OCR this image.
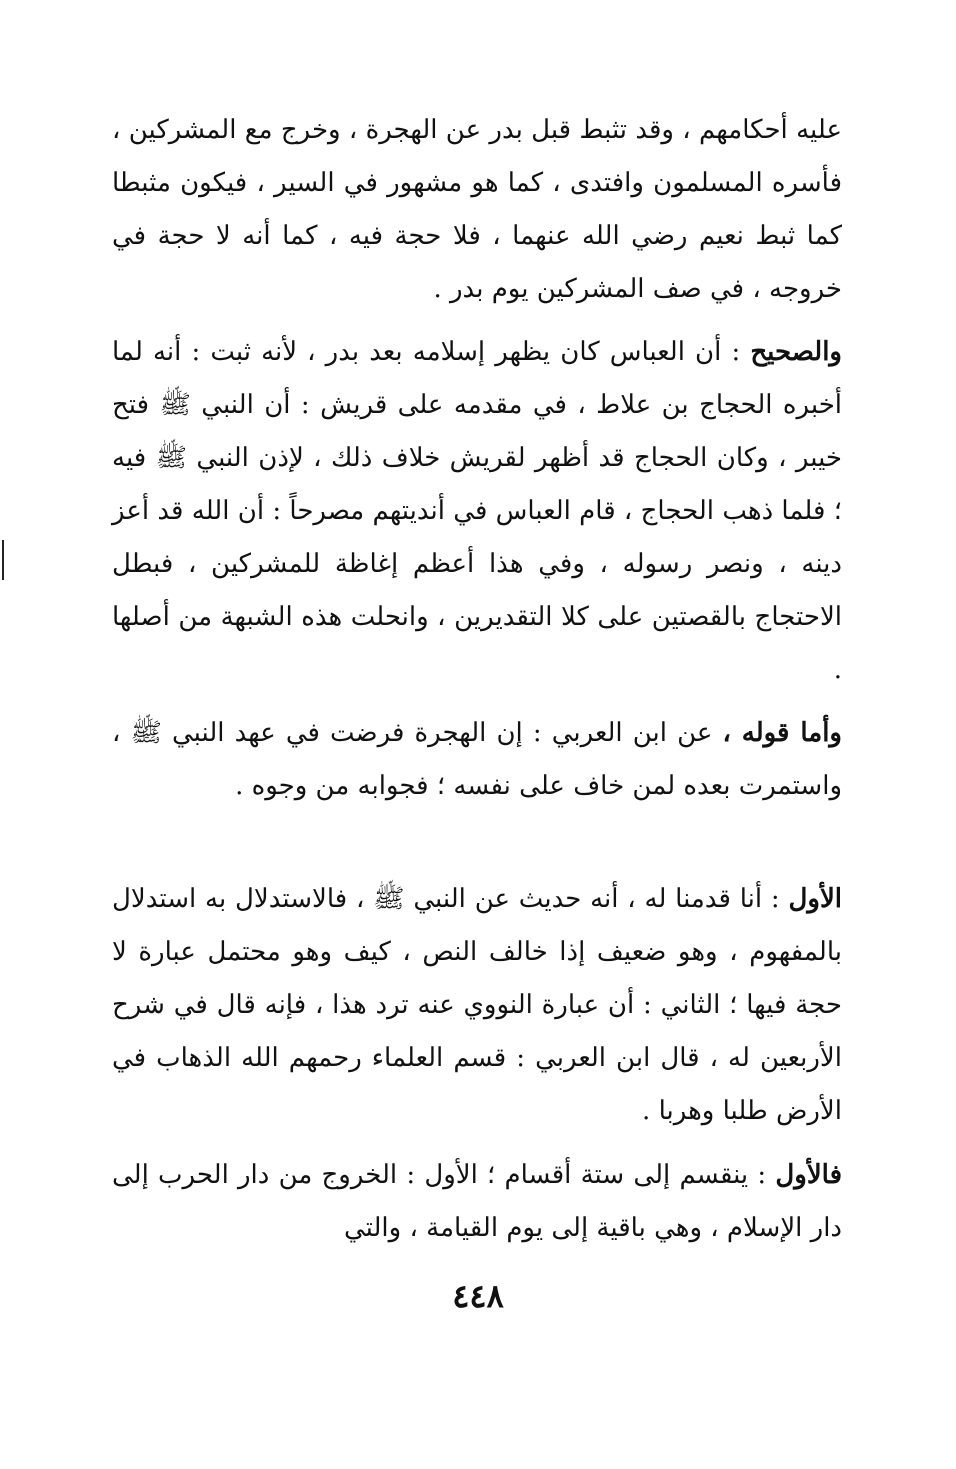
عليه أحكامهم ، وقد تثبط قبل بدر عن الهجرة ، وخرج مع المشركين ، فأسره المسلمون وافتدى ، كما هو مشهور في السير ، فيكون مثبطا كما ثبط نعيم رضي الله عنهما ، فلا حجة فيه ، كما أنه لا حجة في خروجه ، في صف المشركين يوم بدر .

والصحيح : أن العباس كان يظهر إسلامه بعد بدر ، لأنه ثبت : أنه لما أخبره الحجاج بن علاط ، في مقدمه على قريش : أن النبي ﷺ فتح خيبر ، وكان الحجاج قد أظهر لقريش خلاف ذلك ، لإذن النبي ﷺ فيه ؛ فلما ذهب الحجاج ، قام العباس في أنديتهم مصرحاً : أن الله قد أعز دينه ، ونصر رسوله ، وفي هذا أعظم إغاظة للمشركين ، فبطل الاحتجاج بالقصتين على كلا التقديرين ، وانحلت هذه الشبهة من أصلها .

وأما قوله ، عن ابن العربي : إن الهجرة فرضت في عهد النبي ﷺ ، واستمرت بعده لمن خاف على نفسه ؛ فجوابه من وجوه .

الأول : أنا قدمنا له ، أنه حديث عن النبي ﷺ ، فالاستدلال به استدلال بالمفهوم ، وهو ضعيف إذا خالف النص ، كيف وهو محتمل عبارة لا حجة فيها ؛ الثاني : أن عبارة النووي عنه ترد هذا ، فإنه قال في شرح الأربعين له ، قال ابن العربي : قسم العلماء رحمهم الله الذهاب في الأرض طلبا وهربا .

فالأول : ينقسم إلى ستة أقسام ؛ الأول : الخروج من دار الحرب إلى دار الإسلام ، وهي باقية إلى يوم القيامة ، والتي

٤٤٨
